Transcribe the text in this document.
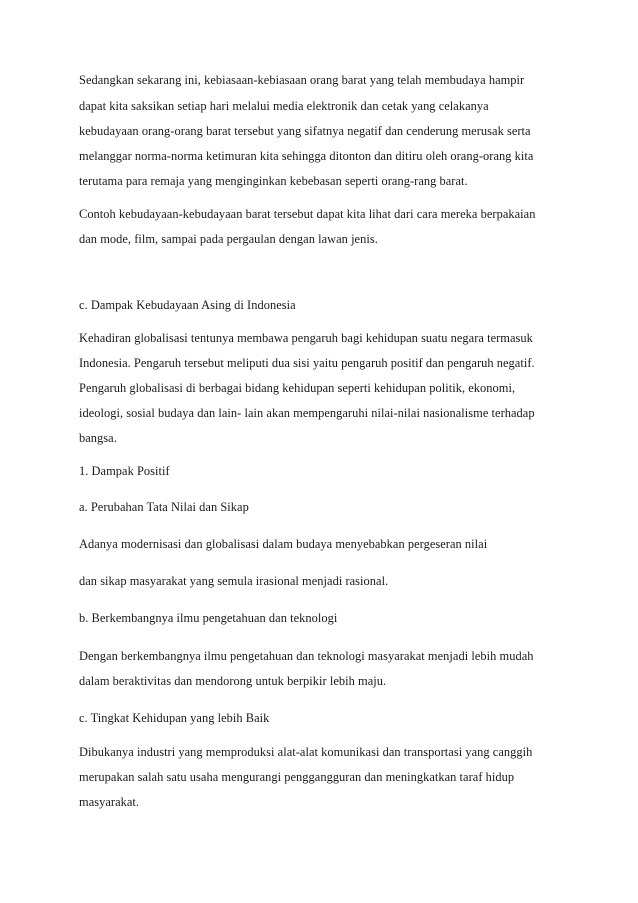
Sedangkan sekarang ini, kebiasaan-kebiasaan orang barat yang telah membudaya hampir

dapat kita saksikan setiap hari melalui media elektronik dan cetak yang celakanya

kebudayaan orang-orang barat tersebut yang sifatnya negatif dan cenderung merusak serta

melanggar norma-norma ketimuran kita sehingga ditonton dan ditiru oleh orang-orang kita

terutama para remaja yang menginginkan kebebasan seperti orang-rang barat.

Contoh kebudayaan-kebudayaan barat tersebut dapat kita lihat dari cara mereka berpakaian

dan mode, film, sampai pada pergaulan dengan lawan jenis.

c. Dampak Kebudayaan Asing di Indonesia

Kehadiran globalisasi tentunya membawa pengaruh bagi kehidupan suatu negara termasuk

Indonesia. Pengaruh tersebut meliputi dua sisi yaitu pengaruh positif dan pengaruh negatif.

Pengaruh globalisasi di berbagai bidang kehidupan seperti kehidupan politik, ekonomi,

ideologi, sosial budaya dan lain- lain akan mempengaruhi nilai-nilai nasionalisme terhadap

bangsa.

1. Dampak Positif

a. Perubahan Tata Nilai dan Sikap

Adanya modernisasi dan globalisasi dalam budaya menyebabkan pergeseran nilai

dan sikap masyarakat yang semula irasional menjadi rasional.

b. Berkembangnya ilmu pengetahuan dan teknologi

Dengan berkembangnya ilmu pengetahuan dan teknologi masyarakat menjadi lebih mudah

dalam beraktivitas dan mendorong untuk berpikir lebih maju.

c. Tingkat Kehidupan yang lebih Baik

Dibukanya industri yang memproduksi alat-alat komunikasi dan transportasi yang canggih

merupakan salah satu usaha mengurangi penggangguran dan meningkatkan taraf hidup

masyarakat.
